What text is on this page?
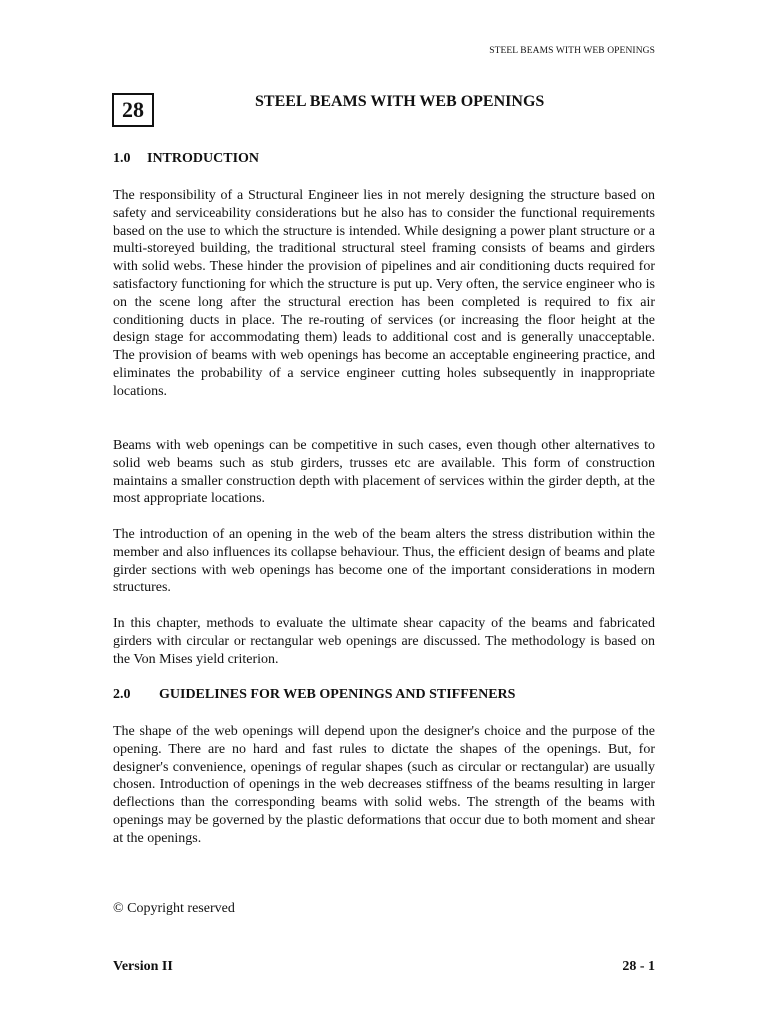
STEEL BEAMS WITH WEB OPENINGS
28	STEEL BEAMS WITH WEB OPENINGS
1.0 INTRODUCTION

The responsibility of a Structural Engineer lies in not merely designing the structure based on safety and serviceability considerations but he also has to consider the functional requirements based on the use to which the structure is intended. While designing a power plant structure or a multi-storeyed building, the traditional structural steel framing consists of beams and girders with solid webs. These hinder the provision of pipelines and air conditioning ducts required for satisfactory functioning for which the structure is put up. Very often, the service engineer who is on the scene long after the structural erection has been completed is required to fix air conditioning ducts in place. The re-routing of services (or increasing the floor height at the design stage for accommodating them) leads to additional cost and is generally unacceptable. The provision of beams with web openings has become an acceptable engineering practice, and eliminates the probability of a service engineer cutting holes subsequently in inappropriate locations.

Beams with web openings can be competitive in such cases, even though other alternatives to solid web beams such as stub girders, trusses etc are available. This form of construction maintains a smaller construction depth with placement of services within the girder depth, at the most appropriate locations.

The introduction of an opening in the web of the beam alters the stress distribution within the member and also influences its collapse behaviour. Thus, the efficient design of beams and plate girder sections with web openings has become one of the important considerations in modern structures.

In this chapter, methods to evaluate the ultimate shear capacity of the beams and fabricated girders with circular or rectangular web openings are discussed. The methodology is based on the Von Mises yield criterion.

2.0 GUIDELINES FOR WEB OPENINGS AND STIFFENERS

The shape of the web openings will depend upon the designer's choice and the purpose of the opening. There are no hard and fast rules to dictate the shapes of the openings. But, for designer's convenience, openings of regular shapes (such as circular or rectangular) are usually chosen. Introduction of openings in the web decreases stiffness of the beams resulting in larger deflections than the corresponding beams with solid webs. The strength of the beams with openings may be governed by the plastic deformations that occur due to both moment and shear at the openings.

© Copyright reserved
Version II	28 - 1
